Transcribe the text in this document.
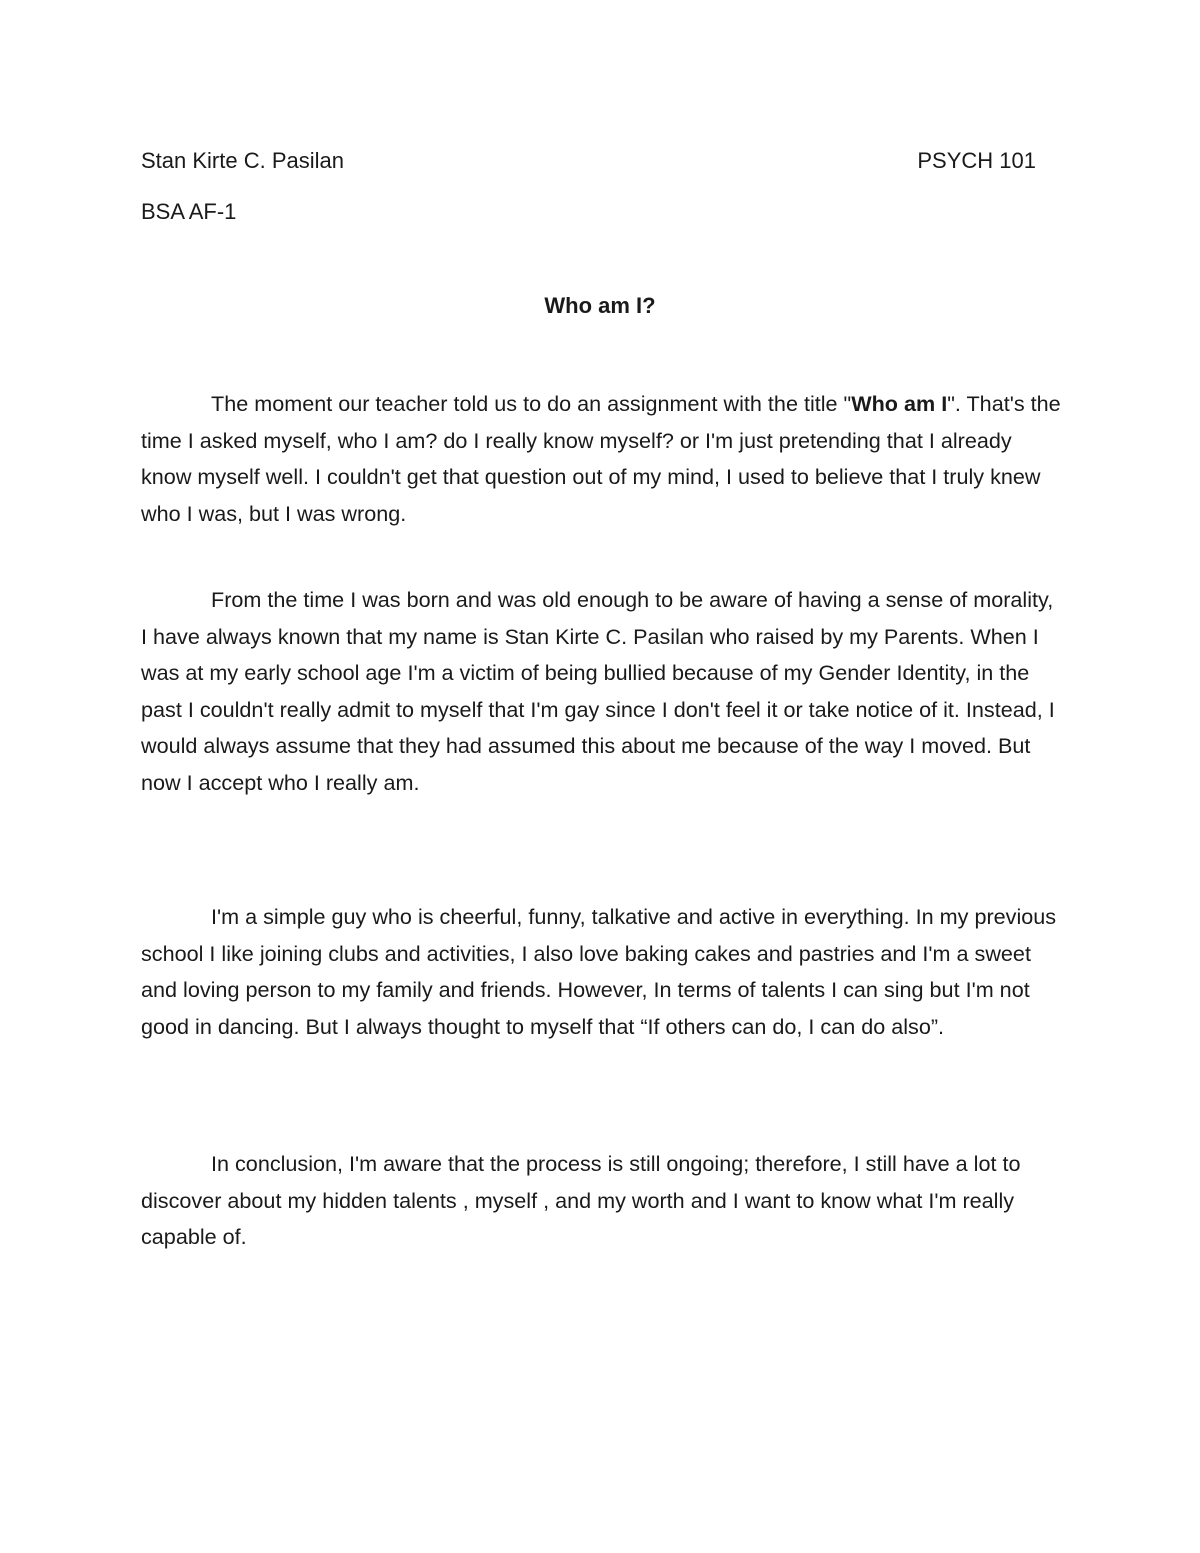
Stan Kirte C. Pasilan	PSYCH 101
BSA AF-1
Who am I?

The moment our teacher told us to do an assignment with the title "Who am I". That's the time I asked myself, who I am? do I really know myself? or I'm just pretending that I already know myself well. I couldn't get that question out of my mind, I used to believe that I truly knew who I was, but I was wrong.

From the time I was born and was old enough to be aware of having a sense of morality, I have always known that my name is Stan Kirte C. Pasilan who raised by my Parents. When I was at my early school age I'm a victim of being bullied because of my Gender Identity, in the past I couldn't really admit to myself that I'm gay since I don't feel it or take notice of it. Instead, I would always assume that they had assumed this about me because of the way I moved. But now I accept who I really am.

I'm a simple guy who is cheerful, funny, talkative and active in everything. In my previous school I like joining clubs and activities, I also love baking cakes and pastries and I'm a sweet and loving person to my family and friends. However, In terms of talents I can sing but I'm not good in dancing. But I always thought to myself that “If others can do, I can do also”.

In conclusion, I'm aware that the process is still ongoing; therefore, I still have a lot to discover about my hidden talents , myself , and my worth and I want to know what I'm really capable of.
